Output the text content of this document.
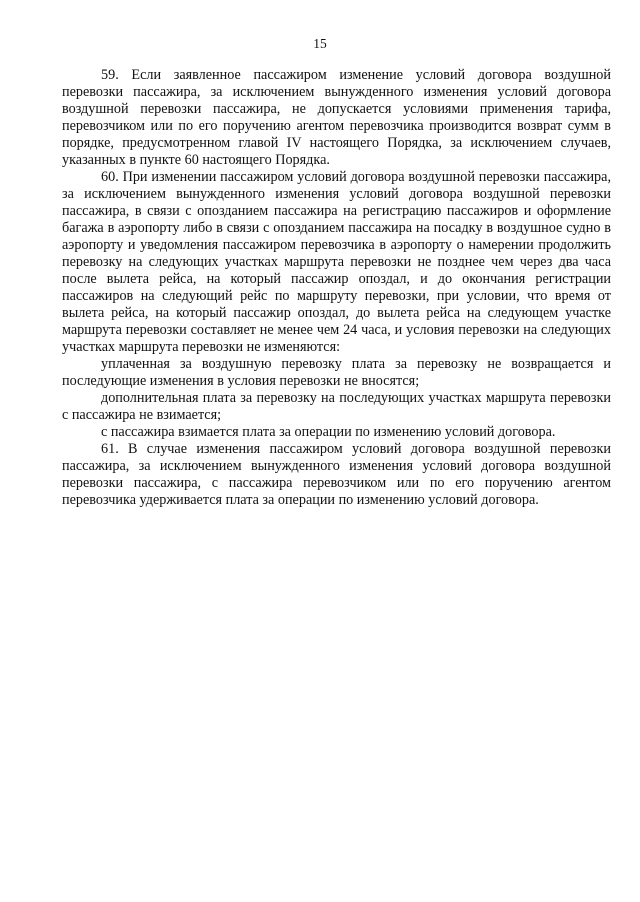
15

59. Если заявленное пассажиром изменение условий договора воздушной перевозки пассажира, за исключением вынужденного изменения условий договора воздушной перевозки пассажира, не допускается условиями применения тарифа, перевозчиком или по его поручению агентом перевозчика производится возврат сумм в порядке, предусмотренном главой IV настоящего Порядка, за исключением случаев, указанных в пункте 60 настоящего Порядка.

60. При изменении пассажиром условий договора воздушной перевозки пассажира, за исключением вынужденного изменения условий договора воздушной перевозки пассажира, в связи с опозданием пассажира на регистрацию пассажиров и оформление багажа в аэропорту либо в связи с опозданием пассажира на посадку в воздушное судно в аэропорту и уведомления пассажиром перевозчика в аэропорту о намерении продолжить перевозку на следующих участках маршрута перевозки не позднее чем через два часа после вылета рейса, на который пассажир опоздал, и до окончания регистрации пассажиров на следующий рейс по маршруту перевозки, при условии, что время от вылета рейса, на который пассажир опоздал, до вылета рейса на следующем участке маршрута перевозки составляет не менее чем 24 часа, и условия перевозки на следующих участках маршрута перевозки не изменяются:

уплаченная за воздушную перевозку плата за перевозку не возвращается и последующие изменения в условия перевозки не вносятся;

дополнительная плата за перевозку на последующих участках маршрута перевозки с пассажира не взимается;

с пассажира взимается плата за операции по изменению условий договора.

61. В случае изменения пассажиром условий договора воздушной перевозки пассажира, за исключением вынужденного изменения условий договора воздушной перевозки пассажира, с пассажира перевозчиком или по его поручению агентом перевозчика удерживается плата за операции по изменению условий договора.
